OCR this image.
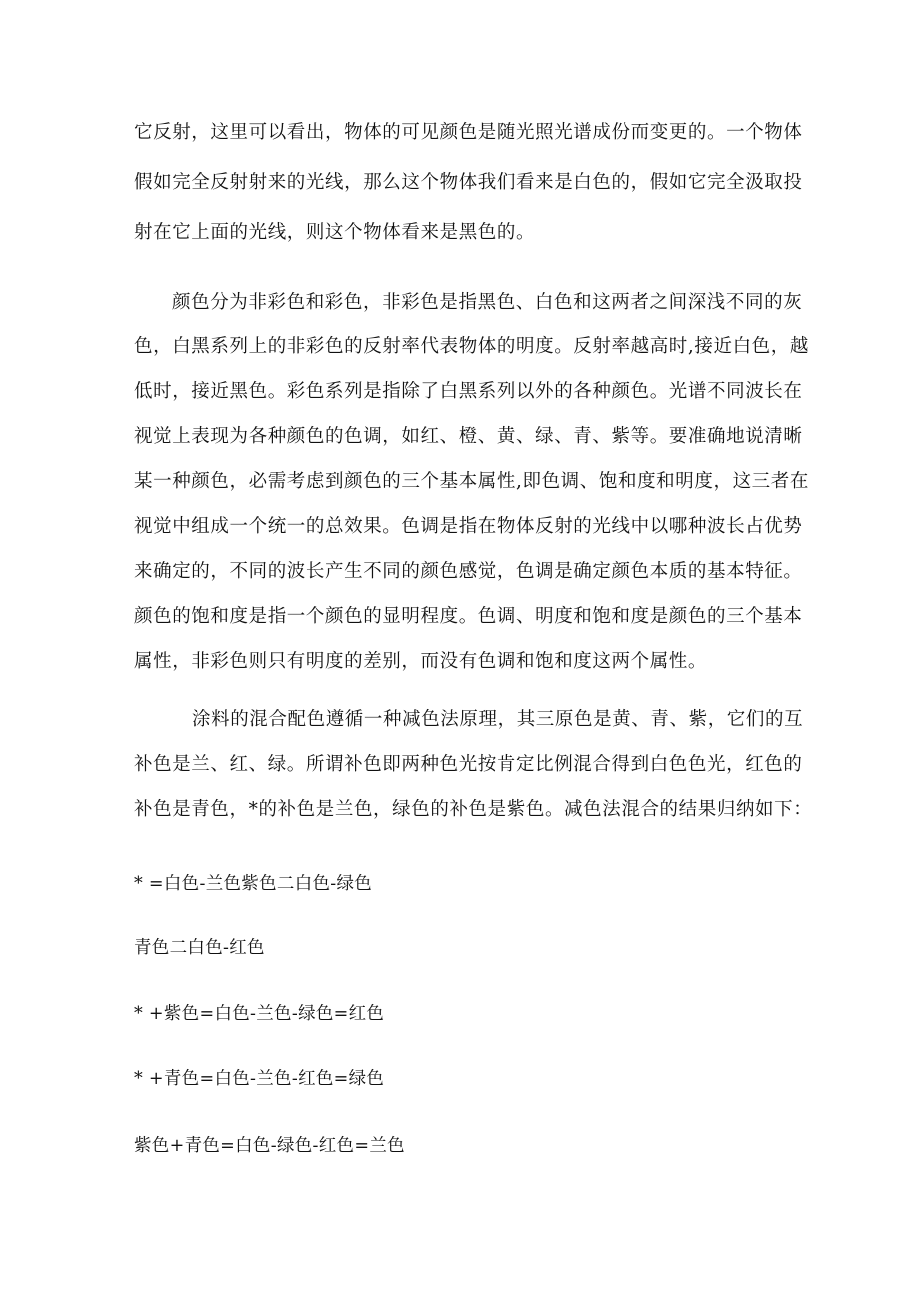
它反射，这里可以看出，物体的可见颜色是随光照光谱成份而变更的。一个物体
假如完全反射射来的光线，那么这个物体我们看来是白色的，假如它完全汲取投
射在它上面的光线，则这个物体看来是黑色的。
颜色分为非彩色和彩色，非彩色是指黑色、白色和这两者之间深浅不同的灰
色，白黑系列上的非彩色的反射率代表物体的明度。反射率越高时,接近白色，越
低时，接近黑色。彩色系列是指除了白黑系列以外的各种颜色。光谱不同波长在
视觉上表现为各种颜色的色调，如红、橙、黄、绿、青、紫等。要准确地说清晰
某一种颜色，必需考虑到颜色的三个基本属性,即色调、饱和度和明度，这三者在
视觉中组成一个统一的总效果。色调是指在物体反射的光线中以哪种波长占优势
来确定的，不同的波长产生不同的颜色感觉，色调是确定颜色本质的基本特征。
颜色的饱和度是指一个颜色的显明程度。色调、明度和饱和度是颜色的三个基本
属性，非彩色则只有明度的差别，而没有色调和饱和度这两个属性。
涂料的混合配色遵循一种减色法原理，其三原色是黄、青、紫，它们的互
补色是兰、红、绿。所谓补色即两种色光按肯定比例混合得到白色色光，红色的
补色是青色，*的补色是兰色，绿色的补色是紫色。减色法混合的结果归纳如下：
* =白色-兰色紫色二白色-绿色
青色二白色-红色
* +紫色=白色-兰色-绿色=红色
* +青色=白色-兰色-红色=绿色
紫色+青色=白色-绿色-红色=兰色
